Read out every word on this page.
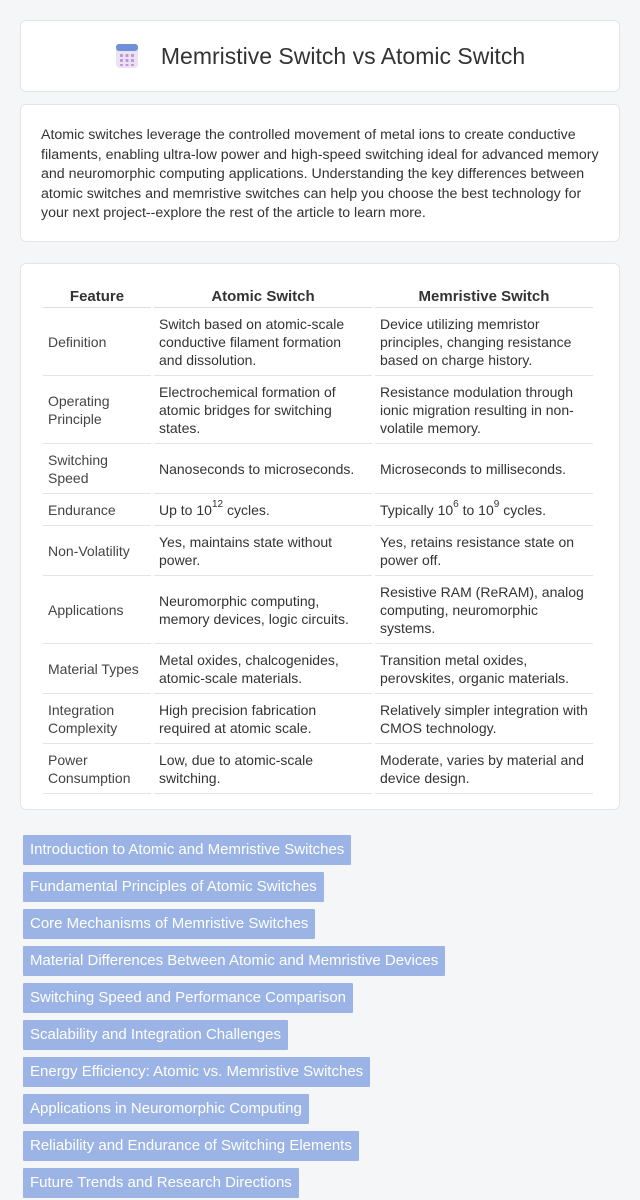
Memristive Switch vs Atomic Switch

Atomic switches leverage the controlled movement of metal ions to create conductive filaments, enabling ultra-low power and high-speed switching ideal for advanced memory and neuromorphic computing applications. Understanding the key differences between atomic switches and memristive switches can help you choose the best technology for your next project--explore the rest of the article to learn more.

Feature	Atomic Switch	Memristive Switch
Definition	Switch based on atomic-scale conductive filament formation and dissolution.	Device utilizing memristor principles, changing resistance based on charge history.
Operating Principle	Electrochemical formation of atomic bridges for switching states.	Resistance modulation through ionic migration resulting in non-volatile memory.
Switching Speed	Nanoseconds to microseconds.	Microseconds to milliseconds.
Endurance	Up to $10^{12}$ cycles.	Typically $10^6$ to $10^9$ cycles.
Non-Volatility	Yes, maintains state without power.	Yes, retains resistance state on power off.
Applications	Neuromorphic computing, memory devices, logic circuits.	Resistive RAM (ReRAM), analog computing, neuromorphic systems.
Material Types	Metal oxides, chalcogenides, atomic-scale materials.	Transition metal oxides, perovskites, organic materials.
Integration Complexity	High precision fabrication required at atomic scale.	Relatively simpler integration with CMOS technology.
Power Consumption	Low, due to atomic-scale switching.	Moderate, varies by material and device design.
Introduction to Atomic and Memristive Switches
Fundamental Principles of Atomic Switches
Core Mechanisms of Memristive Switches
Material Differences Between Atomic and Memristive Devices
Switching Speed and Performance Comparison
Scalability and Integration Challenges
Energy Efficiency: Atomic vs. Memristive Switches
Applications in Neuromorphic Computing
Reliability and Endurance of Switching Elements
Future Trends and Research Directions
